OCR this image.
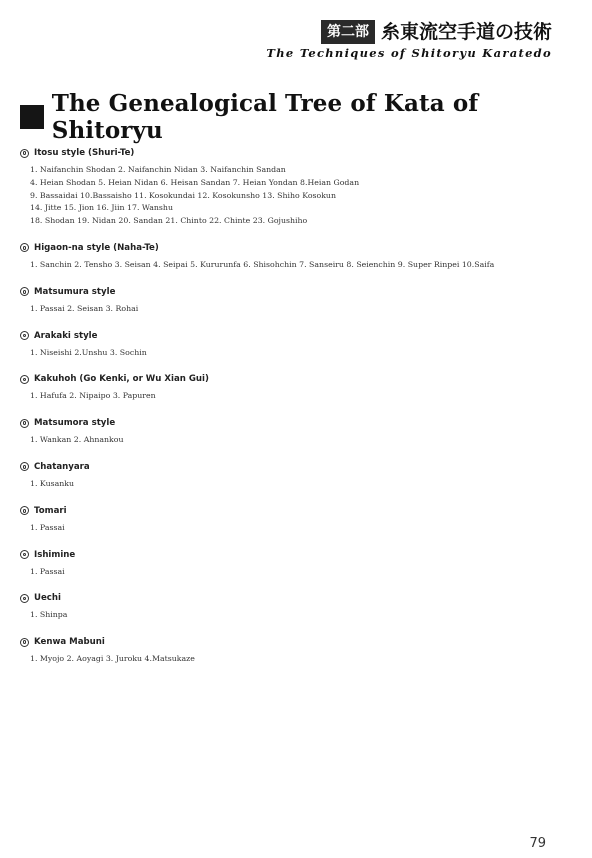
第二部 糸東流空手道の技術
The Techniques of Shitoryu Karatedo
The Genealogical Tree of Kata of Shitoryu
Itosu style (Shuri-Te)
1. Naifanchin Shodan 2. Naifanchin Nidan 3. Naifanchin Sandan
4. Heian Shodan 5. Heian Nidan 6. Heisan Sandan 7. Heian Yondan 8.Heian Godan
9. Bassaidai 10.Bassaisho 11. Kosokundai 12. Kosokunsho 13. Shiho Kosokun
14. Jitte 15. Jion 16. Jiin 17. Wanshu
18. Shodan 19. Nidan 20. Sandan 21. Chinto 22. Chinte 23. Gojushiho
Higaon-na style (Naha-Te)
1. Sanchin 2. Tensho 3. Seisan 4. Seipai 5. Kururunfa 6. Shisohchin 7. Sanseiru 8. Seienchin 9. Super Rinpei 10.Saifa
Matsumura style
1. Passai 2. Seisan 3. Rohai
Arakaki style
1. Niseishi 2.Unshu 3. Sochin
Kakuhoh (Go Kenki, or Wu Xian Gui)
1. Hafufa 2. Nipaipo 3. Papuren
Matsumora style
1. Wankan 2. Ahnankou
Chatanyara
1. Kusanku
Tomari
1. Passai
Ishimine
1. Passai
Uechi
1. Shinpa
Kenwa Mabuni
1. Myojo 2. Aoyagi 3. Juroku 4.Matsukaze
79
